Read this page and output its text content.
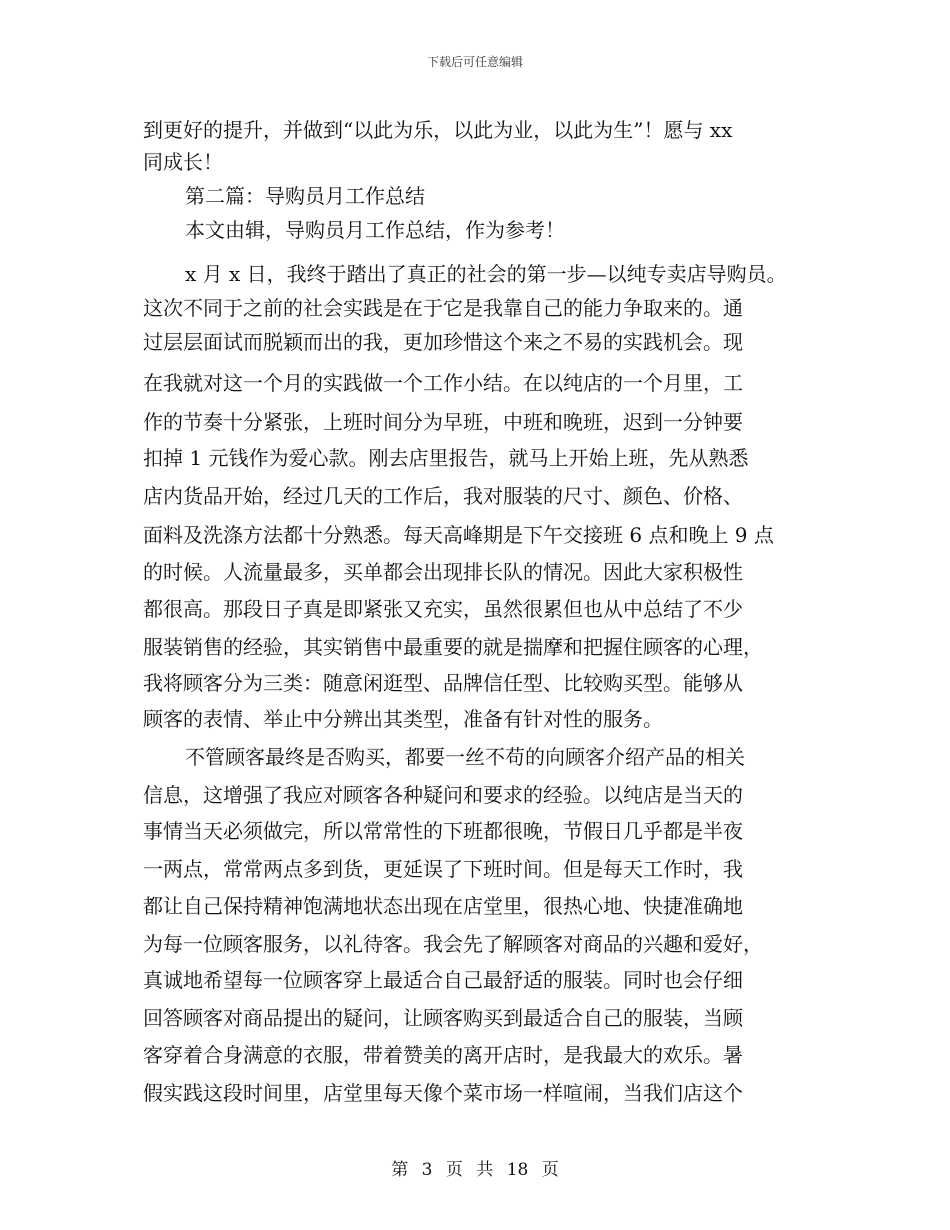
下载后可任意编辑
到更好的提升，并做到“以此为乐，以此为业，以此为生”！愿与 xx
同成长！
第二篇：导购员月工作总结
本文由辑，导购员月工作总结，作为参考！
x 月 x 日，我终于踏出了真正的社会的第一步—以纯专卖店导购员。
这次不同于之前的社会实践是在于它是我靠自己的能力争取来的。通
过层层面试而脱颖而出的我，更加珍惜这个来之不易的实践机会。现
在我就对这一个月的实践做一个工作小结。在以纯店的一个月里，工
作的节奏十分紧张，上班时间分为早班，中班和晚班，迟到一分钟要
扣掉 1 元钱作为爱心款。刚去店里报告，就马上开始上班，先从熟悉
店内货品开始，经过几天的工作后，我对服装的尺寸、颜色、价格、
面料及洗涤方法都十分熟悉。每天高峰期是下午交接班 6 点和晚上 9 点
的时候。人流量最多，买单都会出现排长队的情况。因此大家积极性
都很高。那段日子真是即紧张又充实，虽然很累但也从中总结了不少
服装销售的经验，其实销售中最重要的就是揣摩和把握住顾客的心理，
我将顾客分为三类：随意闲逛型、品牌信任型、比较购买型。能够从
顾客的表情、举止中分辨出其类型，准备有针对性的服务。
不管顾客最终是否购买，都要一丝不苟的向顾客介绍产品的相关
信息，这增强了我应对顾客各种疑问和要求的经验。以纯店是当天的
事情当天必须做完，所以常常性的下班都很晚，节假日几乎都是半夜
一两点，常常两点多到货，更延误了下班时间。但是每天工作时，我
都让自己保持精神饱满地状态出现在店堂里，很热心地、快捷准确地
为每一位顾客服务，以礼待客。我会先了解顾客对商品的兴趣和爱好，
真诚地希望每一位顾客穿上最适合自己最舒适的服装。同时也会仔细
回答顾客对商品提出的疑问，让顾客购买到最适合自己的服装，当顾
客穿着合身满意的衣服，带着赞美的离开店时，是我最大的欢乐。暑
假实践这段时间里，店堂里每天像个菜市场一样喧闹，当我们店这个
第 3 页 共 18 页
